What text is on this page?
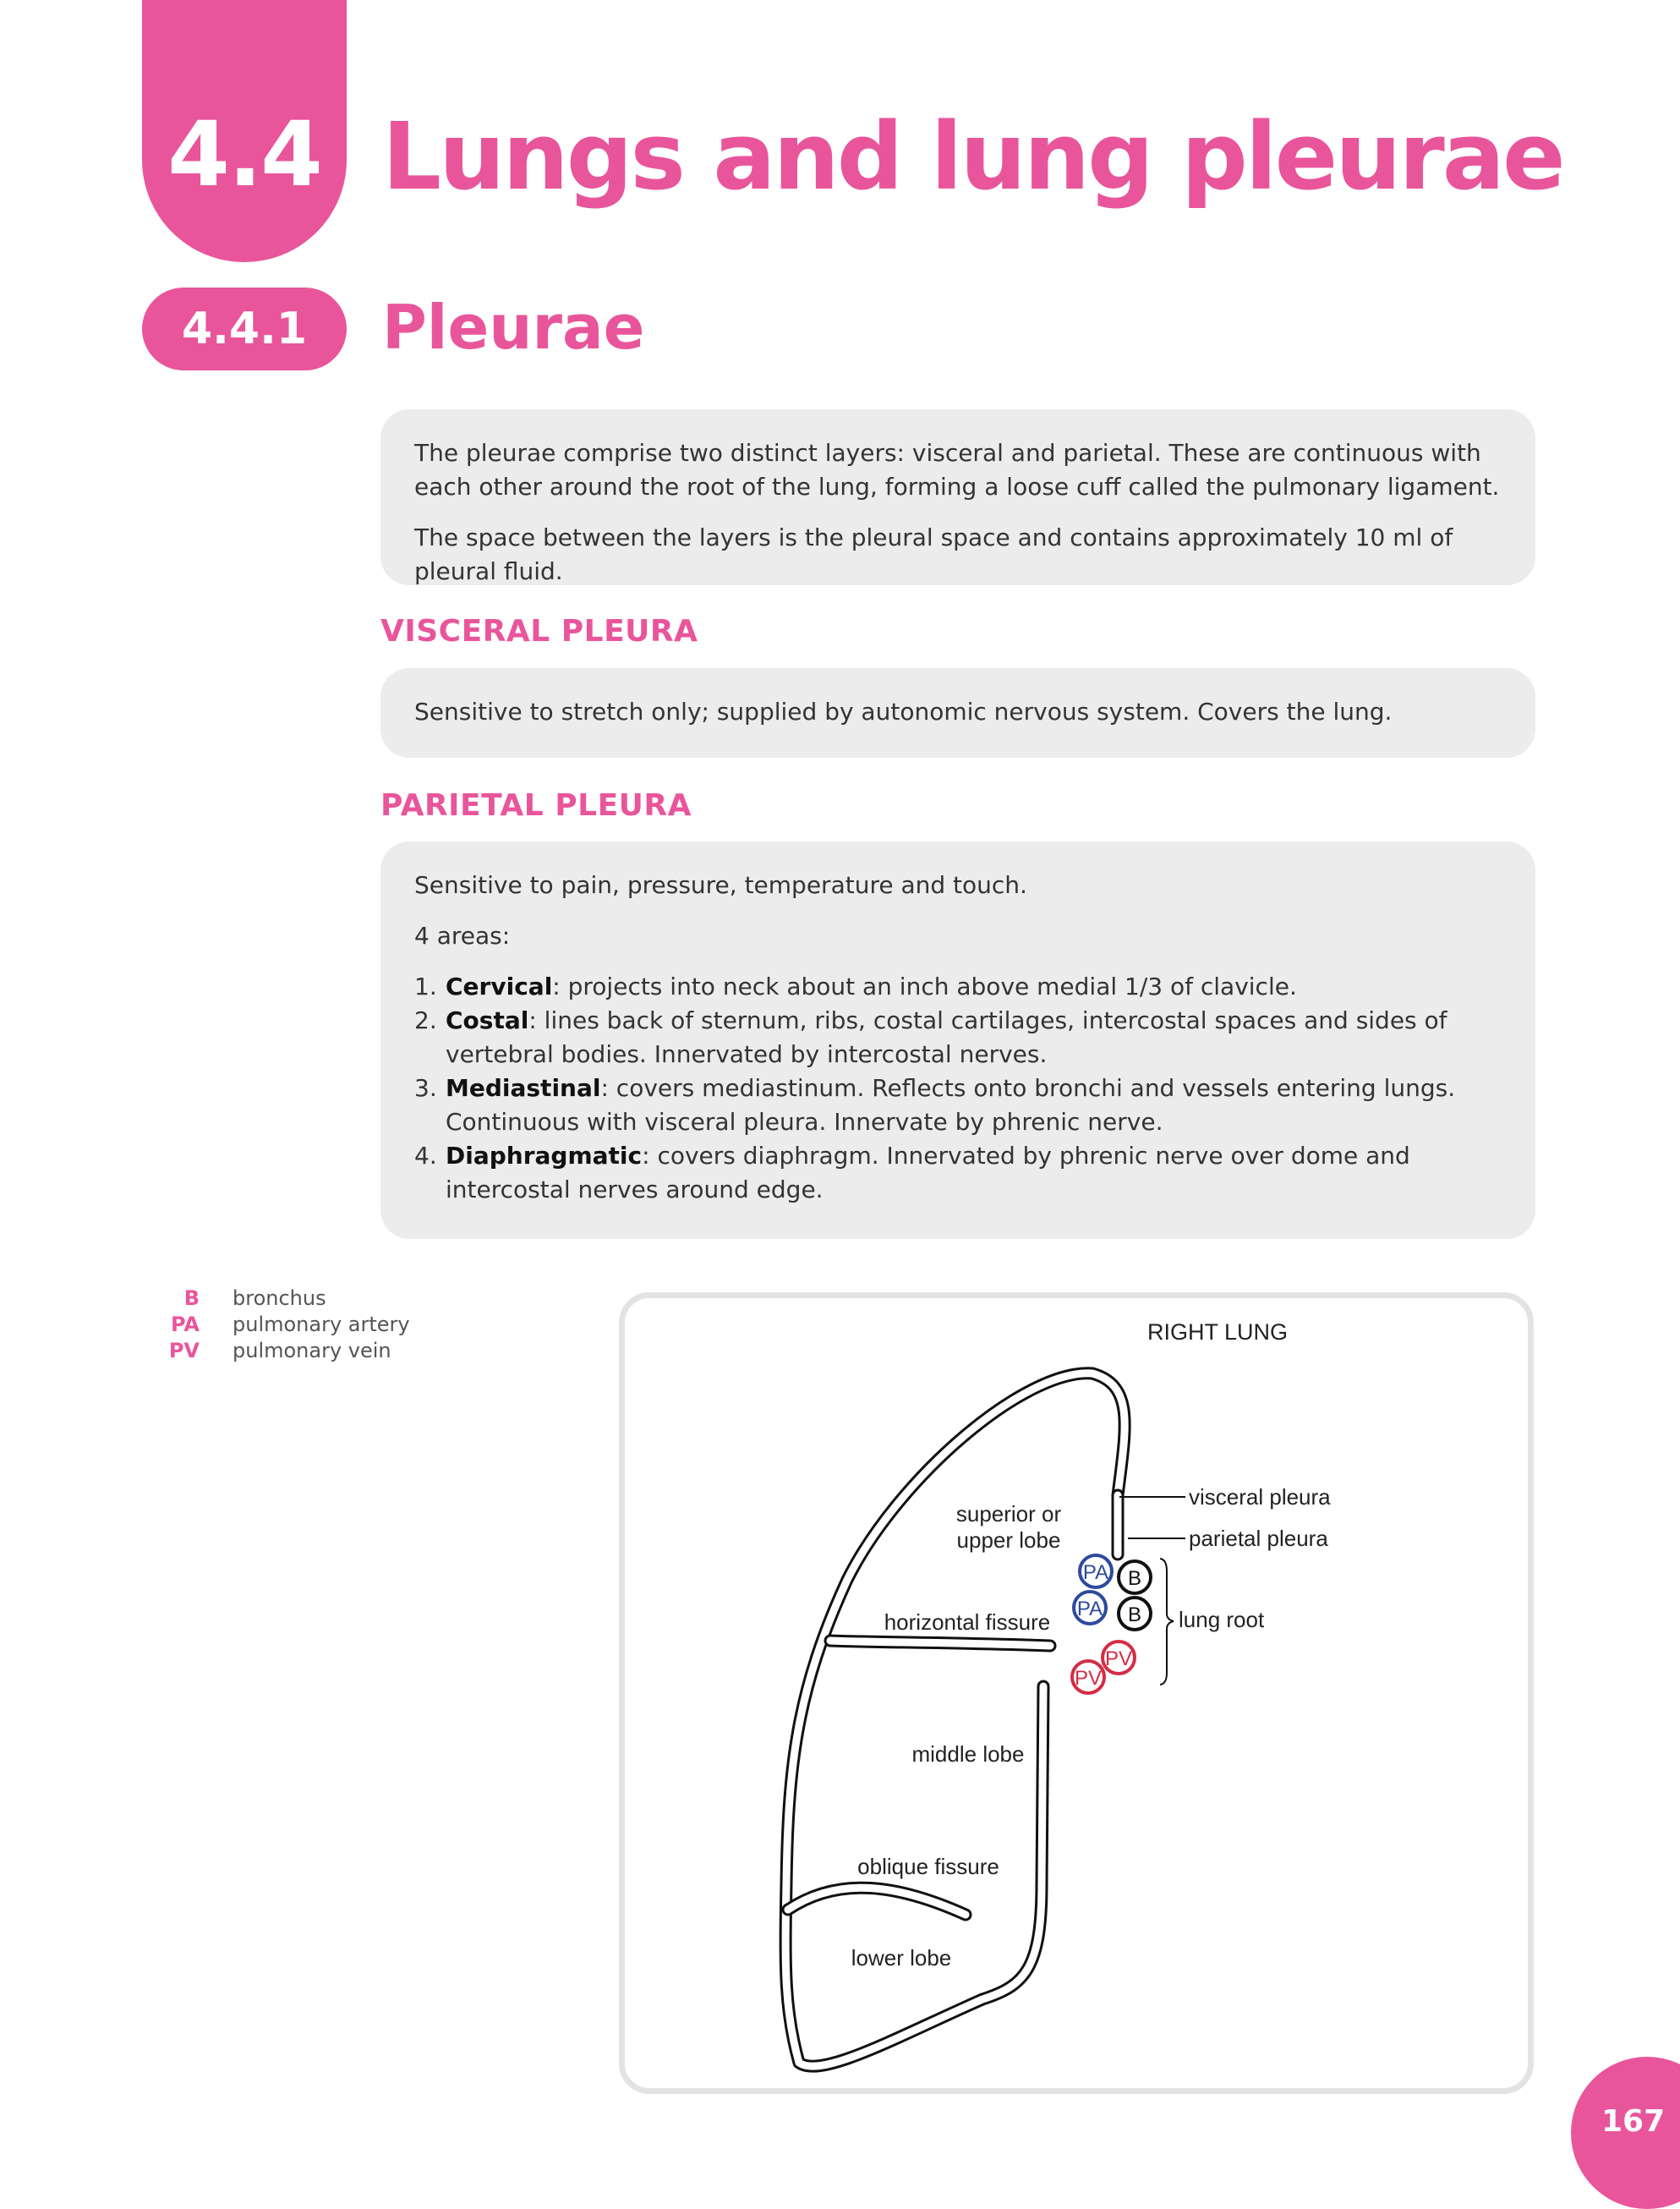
4.4 Lungs and lung pleurae
4.4.1	Pleurae

The pleurae comprise two distinct layers: visceral and parietal. These are continuous with each other around the root of the lung, forming a loose cuff called the pulmonary ligament.

The space between the layers is the pleural space and contains approximately 10 ml of pleural fluid.

VISCERAL PLEURA

Sensitive to stretch only; supplied by autonomic nervous system. Covers the lung.

PARIETAL PLEURA

Sensitive to pain, pressure, temperature and touch.

4 areas:

1. Cervical: projects into neck about an inch above medial 1/3 of clavicle.
2. Costal: lines back of sternum, ribs, costal cartilages, intercostal spaces and sides of vertebral bodies. Innervated by intercostal nerves.
3. Mediastinal: covers mediastinum. Reflects onto bronchi and vessels entering lungs. Continuous with visceral pleura. Innervate by phrenic nerve.
4. Diaphragmatic: covers diaphragm. Innervated by phrenic nerve over dome and intercostal nerves around edge.
B bronchus
PA pulmonary artery
PV pulmonary vein
RIGHT LUNG
PA
PA
B
B
PV
PV
superior or
upper lobe
horizontal fissure
middle lobe
oblique fissure
lower lobe
visceral pleura
parietal pleura
lung root
167
